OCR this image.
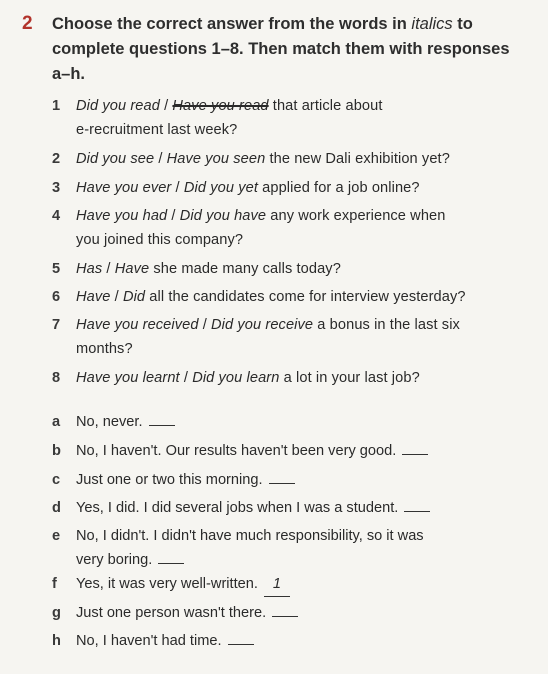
2 Choose the correct answer from the words in italics to complete questions 1–8. Then match them with responses a–h.
1	Did you read / Have you read that article about
e-recruitment last week?
2	Did you see / Have you seen the new Dali exhibition yet?
3	Have you ever / Did you yet applied for a job online?
4	Have you had / Did you have any work experience when
you joined this company?
5	Has / Have she made many calls today?
6	Have / Did all the candidates come for interview yesterday?
7	Have you received / Did you receive a bonus in the last six
months?
8	Have you learnt / Did you learn a lot in your last job?
a	No, never.
b	No, I haven't. Our results haven't been very good.
c	Just one or two this morning.
d	Yes, I did. I did several jobs when I was a student.
e	No, I didn't. I didn't have much responsibility, so it was
very boring.
f	Yes, it was very well-written. 1
g	Just one person wasn't there.
h	No, I haven't had time.
